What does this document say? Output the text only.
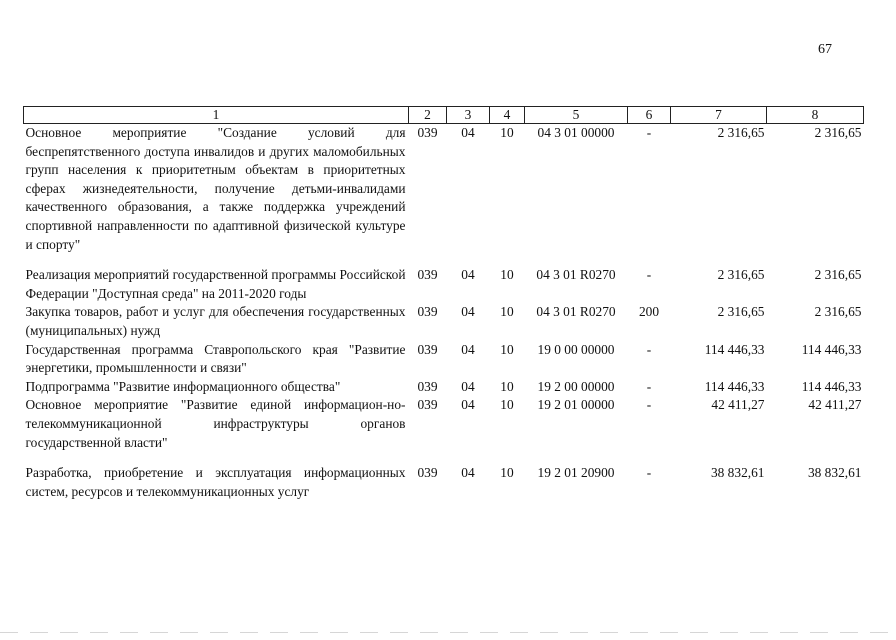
67
1	2	3	4	5	6	7	8
Основное мероприятие "Создание условий для беспрепятственного доступа инвалидов и других маломобильных групп населения к приоритетным объектам в приоритетных сферах жизнедеятельности, получение детьми-инвалидами качественного образования, а также поддержка учреждений спортивной направленности по адаптивной физической культуре и спорту"	039	04	10	04 3 01 00000	-	2 316,65	2 316,65
Реализация мероприятий государственной программы Российской Федерации "Доступная среда" на 2011-2020 годы	039	04	10	04 3 01 R0270	-	2 316,65	2 316,65
Закупка товаров, работ и услуг для обеспечения государственных (муниципальных) нужд	039	04	10	04 3 01 R0270	200	2 316,65	2 316,65
Государственная программа Ставропольского края "Развитие энергетики, промышленности и связи"	039	04	10	19 0 00 00000	-	114 446,33	114 446,33
Подпрограмма "Развитие информационного общества"	039	04	10	19 2 00 00000	-	114 446,33	114 446,33
Основное мероприятие "Развитие единой информацион-но-телекоммуникационной инфраструктуры органов государственной власти"	039	04	10	19 2 01 00000	-	42 411,27	42 411,27
Разработка, приобретение и эксплуатация информационных систем, ресурсов и телекоммуникационных услуг	039	04	10	19 2 01 20900	-	38 832,61	38 832,61
